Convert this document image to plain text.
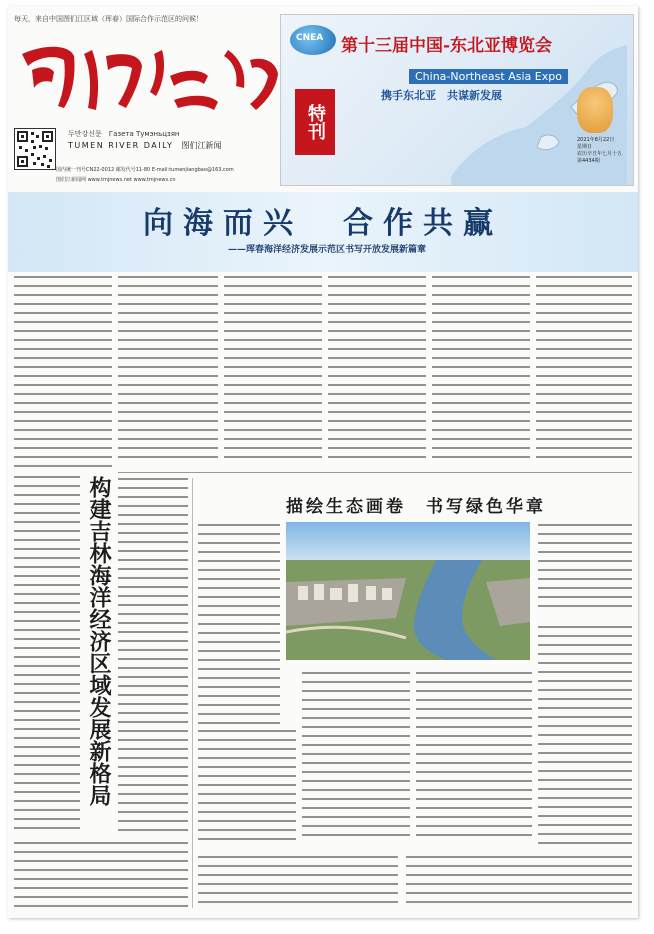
每天，来自中国图们江区域（珲春）国际合作示范区的问候！
두만강신문　Газета Тумэньцзян
TUMEN RIVER DAILY 图们江新闻
国内统一刊号CN22-0012 邮发代号11-80 E-mail:tumenjiangbao@163.com
图们江新闻网 www.tmjnews.net www.tmjnews.cn
CNEA 第十三届中国-东北亚博览会
China-Northeast Asia Expo
携手东北亚　共谋新发展
特刊	2021年8月22日
星期日
农历辛丑年七月十五
第4434期
向海而兴　合作共赢
——珲春海洋经济发展示范区书写开放发展新篇章
构建吉林海洋经济区域发展新格局	描绘生态画卷　书写绿色华章
